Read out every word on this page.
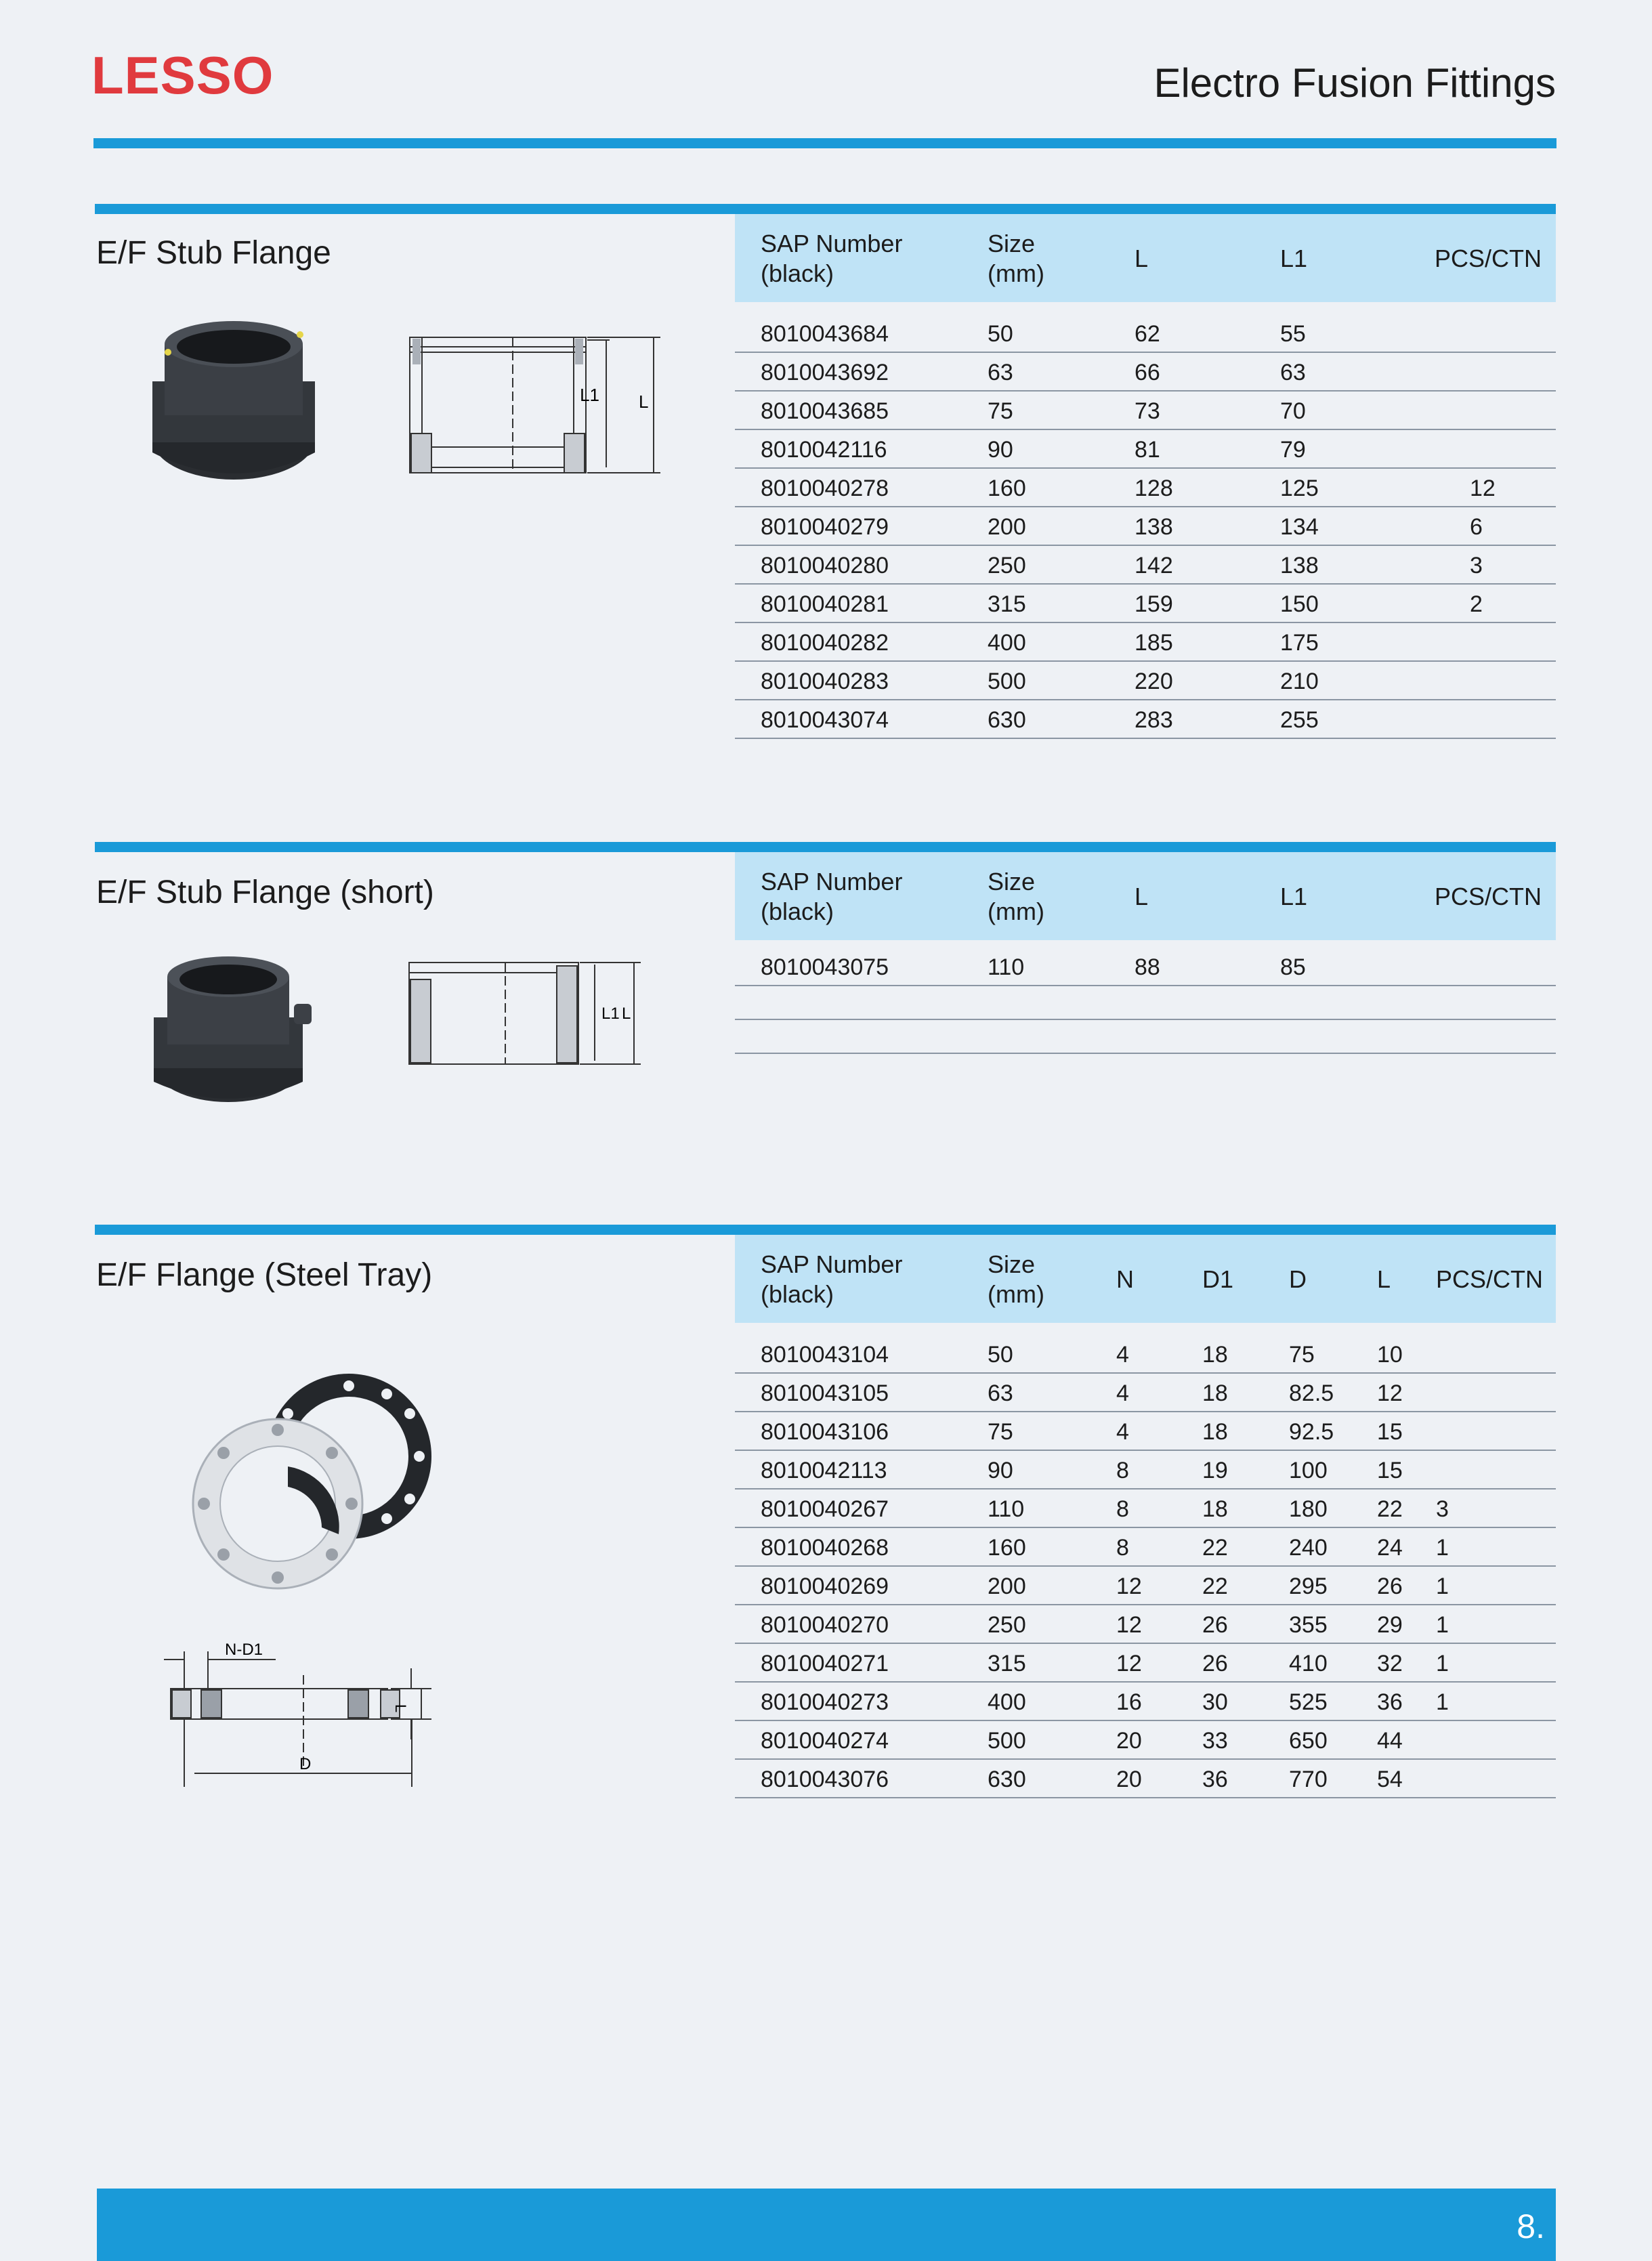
LESSO	Electro Fusion Fittings
E/F Stub Flange
L1 L
SAP Number
(black)
Size
(mm)
L	L1	PCS/CTN
8010043684	50	62	55
8010043692	63	66	63
8010043685	75	73	70
8010042116	90	81	79
8010040278	160	128	125	12
8010040279	200	138	134	6
8010040280	250	142	138	3
8010040281	315	159	150	2
8010040282	400	185	175
8010040283	500	220	210
8010043074	630	283	255
E/F Stub Flange (short)
L1 L
SAP Number
(black)
Size
(mm)
L	L1	PCS/CTN
8010043075	110	88	85
E/F Flange (Steel Tray)
N-D1
D
L
SAP Number
(black)
Size
(mm)
N	D1 D	L PCS/CTN
8010043104	50	4	18	75	10
8010043105	63	4	18	82.5 12
8010043106	75	4	18	92.5 15
8010042113	90	8	19	100 15
8010040267	110	8	18	180 22 3
8010040268	160	8	22	240 24 1
8010040269	200	12	22	295 26 1
8010040270	250	12	26	355 29 1
8010040271	315	12	26	410 32 1
8010040273	400	16	30	525 36 1
8010040274	500	20	33	650 44
8010043076	630	20	36	770 54
8.
